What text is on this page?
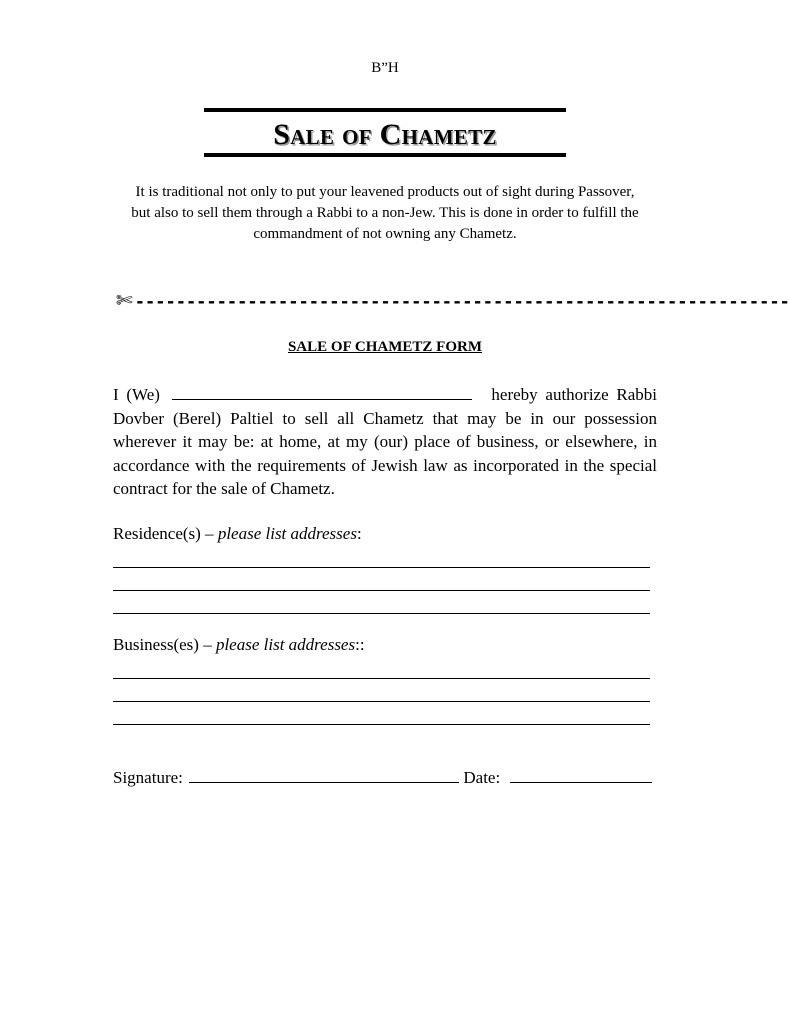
B”H
Sale of Chametz
It is traditional not only to put your leavened products out of sight during Passover,
but also to sell them through a Rabbi to a non-Jew. This is done in order to fulfill the commandment of not owning any Chametz.
✄ ----------------------------------------------------------------
SALE OF CHAMETZ FORM
I (We)	hereby authorize Rabbi Dovber (Berel) Paltiel to sell all Chametz that may be in our possession wherever it may be: at home, at my (our) place of business, or elsewhere, in accordance with the requirements of Jewish law as incorporated in the special contract for the sale of Chametz.
Residence(s) – please list addresses:
Business(es) – please list addresses::
Signature:	Date:
